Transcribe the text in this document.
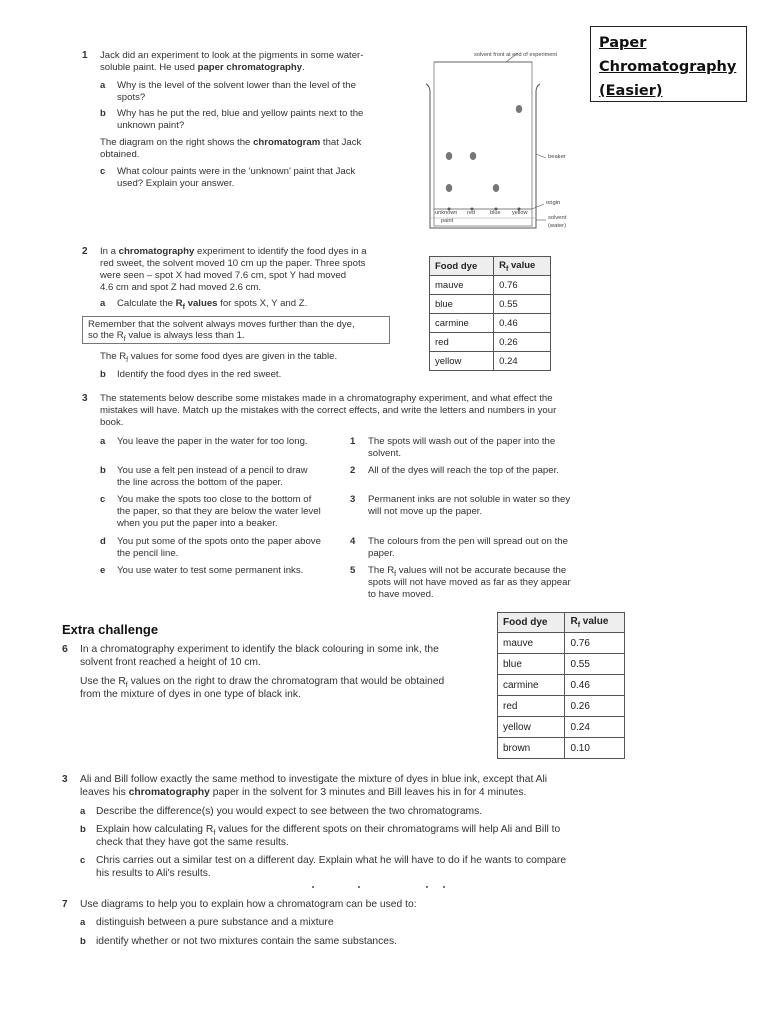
Paper
Chromatography
(Easier)
1 Jack did an experiment to look at the pigments in some water-
soluble paint. He used paper chromatography.
a Why is the level of the solvent lower than the level of the
spots?
b Why has he put the red, blue and yellow paints next to the
unknown paint?
The diagram on the right shows the chromatogram that Jack
obtained.
c What colour paints were in the 'unknown' paint that Jack
used? Explain your answer.
solvent front at end of experiment
beaker
origin
solvent
(water)
unknown red	blue yellow
paint
2 In a chromatography experiment to identify the food dyes in a
red sweet, the solvent moved 10 cm up the paper. Three spots
were seen – spot X had moved 7.6 cm, spot Y had moved
4.6 cm and spot Z had moved 2.6 cm.
a Calculate the $R_f$ values for spots X, Y and Z.
Remember that the solvent always moves further than the dye,
so the $R_f$ value is always less than 1.
The $R_f$ values for some food dyes are given in the table.
b Identify the food dyes in the red sweet.
Food dye	$R_f$ value
mauve	0.76
blue	0.55
carmine	0.46
red	0.26
yellow	0.24
3 The statements below describe some mistakes made in a chromatography experiment, and what effect the
mistakes will have. Match up the mistakes with the correct effects, and write the letters and numbers in your
book.
a You leave the paper in the water for too long.
b You use a felt pen instead of a pencil to draw
the line across the bottom of the paper.
c You make the spots too close to the bottom of
the paper, so that they are below the water level
when you put the paper into a beaker.
d You put some of the spots onto the paper above
the pencil line.
e You use water to test some permanent inks.
1 The spots will wash out of the paper into the
solvent.
2 All of the dyes will reach the top of the paper.
3 Permanent inks are not soluble in water so they
will not move up the paper.
4 The colours from the pen will spread out on the
paper.
5 The $R_f$ values will not be accurate because the
spots will not have moved as far as they appear
to have moved.
Extra challenge
6 In a chromatography experiment to identify the black colouring in some ink, the
solvent front reached a height of 10 cm.
Use the $R_f$ values on the right to draw the chromatogram that would be obtained
from the mixture of dyes in one type of black ink.
Food dye	$R_f$ value
mauve	0.76
blue	0.55
carmine	0.46
red	0.26
yellow	0.24
brown	0.10
3 Ali and Bill follow exactly the same method to investigate the mixture of dyes in blue ink, except that Ali
leaves his chromatography paper in the solvent for 3 minutes and Bill leaves his in for 4 minutes.
a Describe the difference(s) you would expect to see between the two chromatograms.
b Explain how calculating $R_f$ values for the different spots on their chromatograms will help Ali and Bill to
check that they have got the same results.
c Chris carries out a similar test on a different day. Explain what he will have to do if he wants to compare
his results to Ali's results.
7 Use diagrams to help you to explain how a chromatogram can be used to:
a distinguish between a pure substance and a mixture
b identify whether or not two mixtures contain the same substances.
